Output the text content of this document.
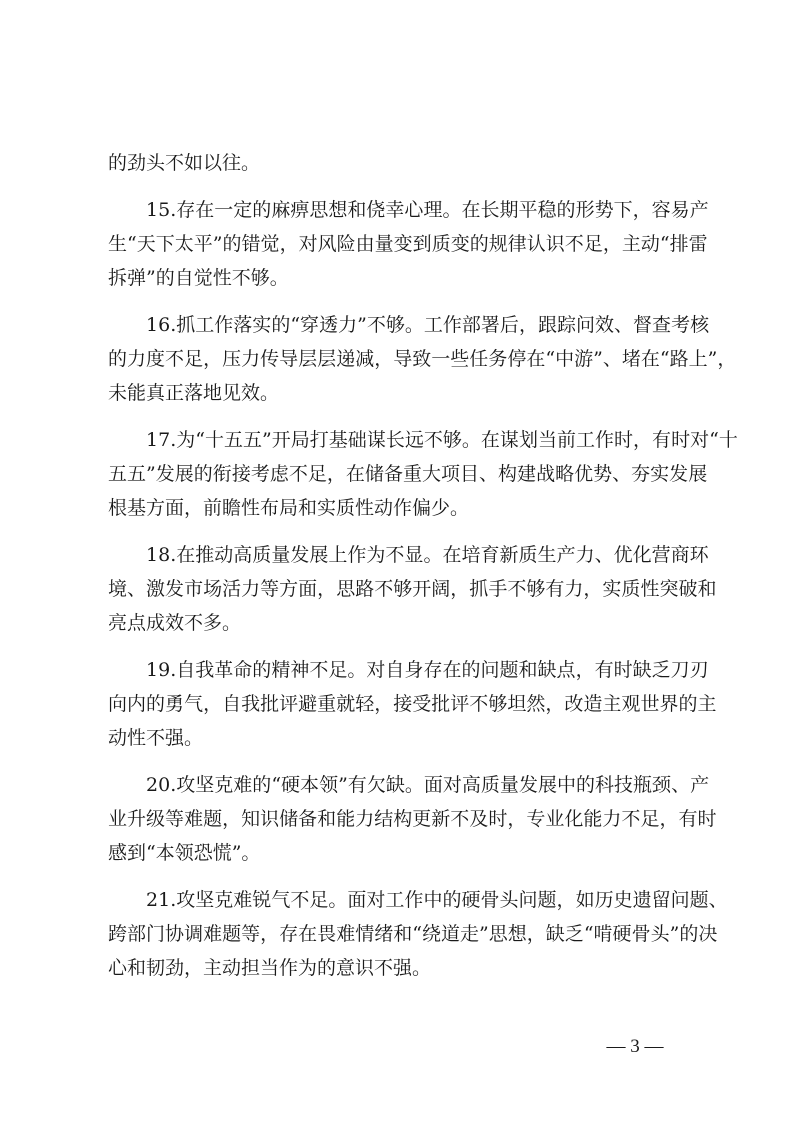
的劲头不如以往。
1 5 . 存 在 一 定 的 麻 痹 思 想 和 侥 幸 心 理 。 在 长 期 平 稳 的 形 势 下 ， 容 易 产
生 “ 天 下 太 平 ” 的 错 觉 ， 对 风 险 由 量 变 到 质 变 的 规 律 认 识 不 足 ， 主 动 “ 排 雷
拆弹”的自觉性不够。
1 6 . 抓 工 作 落 实 的 “ 穿 透 力 ” 不 够 。 工 作 部 署 后 ， 跟 踪 问 效 、 督 查 考 核
的 力 度 不 足 ， 压 力 传 导 层 层 递 减 ， 导 致 一 些 任 务 停 在 “ 中 游 ” 、 堵 在 “ 路 上 ” ，
未能真正落地见效。
1 7 . 为 “ 十 五 五 ” 开 局 打 基 础 谋 长 远 不 够 。 在 谋 划 当 前 工 作 时 ， 有 时 对 “ 十
五 五 ” 发 展 的 衔 接 考 虑 不 足 ， 在 储 备 重 大 项 目 、 构 建 战 略 优 势 、 夯 实 发 展
根基方面，前瞻性布局和实质性动作偏少。
1 8 . 在 推 动 高 质 量 发 展 上 作 为 不 显 。 在 培 育 新 质 生 产 力 、 优 化 营 商 环
境 、 激 发 市 场 活 力 等 方 面 ， 思 路 不 够 开 阔 ， 抓 手 不 够 有 力 ， 实 质 性 突 破 和
亮点成效不多。
1 9 . 自 我 革 命 的 精 神 不 足 。 对 自 身 存 在 的 问 题 和 缺 点 ， 有 时 缺 乏 刀 刃
向 内 的 勇 气 ， 自 我 批 评 避 重 就 轻 ， 接 受 批 评 不 够 坦 然 ， 改 造 主 观 世 界 的 主
动性不强。
2 0 . 攻 坚 克 难 的 “ 硬 本 领 ” 有 欠 缺 。 面 对 高 质 量 发 展 中 的 科 技 瓶 颈 、 产
业 升 级 等 难 题 ， 知 识 储 备 和 能 力 结 构 更 新 不 及 时 ， 专 业 化 能 力 不 足 ， 有 时
感到“本领恐慌”。
2 1 . 攻 坚 克 难 锐 气 不 足 。 面 对 工 作 中 的 硬 骨 头 问 题 ， 如 历 史 遗 留 问 题 、
跨 部 门 协 调 难 题 等 ， 存 在 畏 难 情 绪 和 “ 绕 道 走 ” 思 想 ， 缺 乏 “ 啃 硬 骨 头 ” 的 决
心和韧劲，主动担当作为的意识不强。
— 3 —
